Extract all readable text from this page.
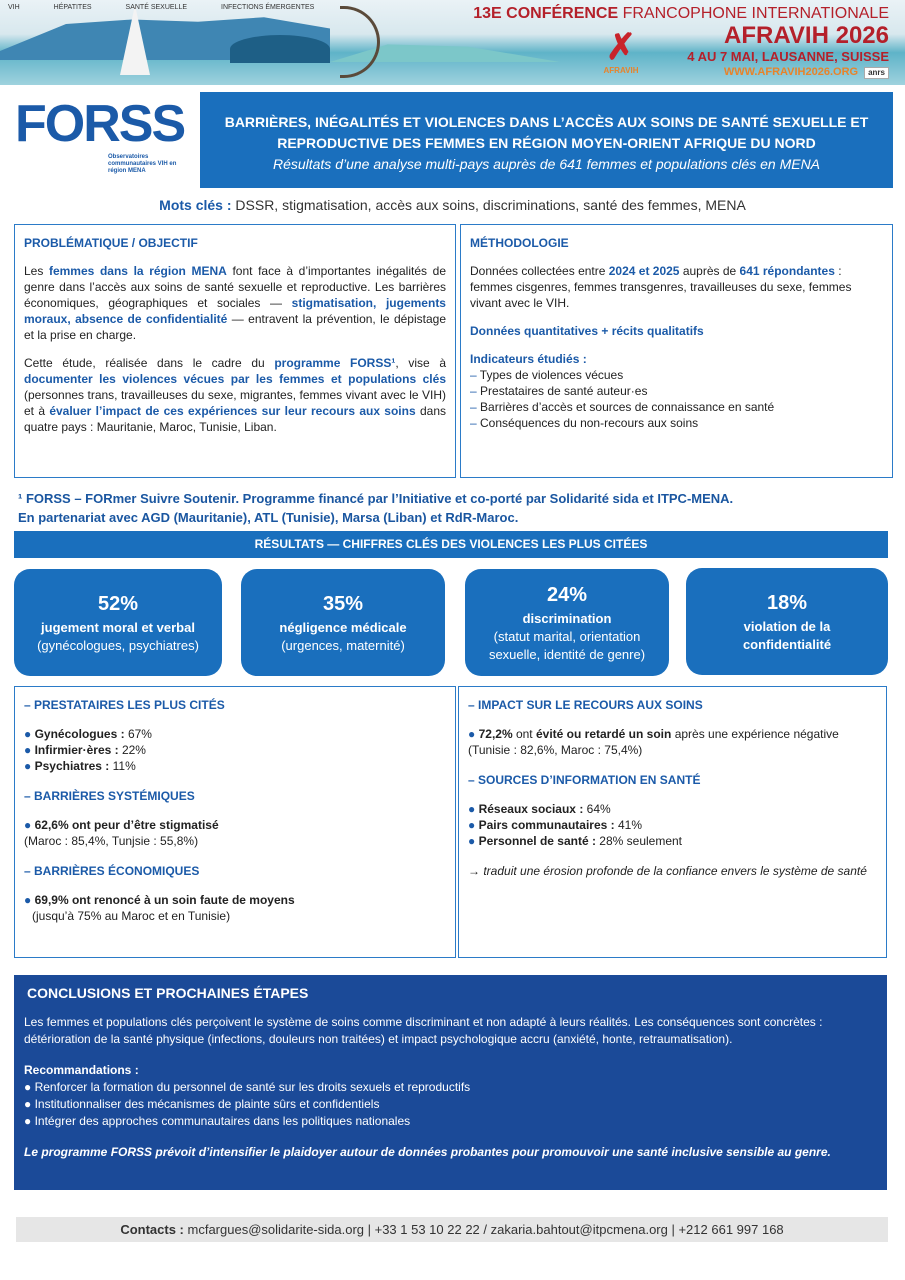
VIH	HÉPATITES	SANTÉ SEXUELLE	INFECTIONS ÉMERGENTES
✗
AFRAVIH
13E CONFÉRENCE FRANCOPHONE INTERNATIONALE
AFRAVIH 2026
4 AU 7 MAI, LAUSANNE, SUISSE
WWW.AFRAVIH2026.ORG anrs
FORSS
Observatoires communautaires VIH en région MENA
BARRIÈRES, INÉGALITÉS ET VIOLENCES DANS L’ACCÈS AUX SOINS DE SANTÉ SEXUELLE ET REPRODUCTIVE DES FEMMES EN RÉGION MOYEN-ORIENT AFRIQUE DU NORD
Résultats d’une analyse multi-pays auprès de 641 femmes et populations clés en MENA
Mots clés : DSSR, stigmatisation, accès aux soins, discriminations, santé des femmes, MENA
PROBLÉMATIQUE / OBJECTIF

Les femmes dans la région MENA font face à d’importantes inégalités de genre dans l’accès aux soins de santé sexuelle et reproductive. Les barrières économiques, géographiques et sociales — stigmatisation, jugements moraux, absence de confidentialité — entravent la prévention, le dépistage et la prise en charge.

Cette étude, réalisée dans le cadre du programme FORSS¹, vise à documenter les violences vécues par les femmes et populations clés (personnes trans, travailleuses du sexe, migrantes, femmes vivant avec le VIH) et à évaluer l’impact de ces expériences sur leur recours aux soins dans quatre pays : Mauritanie, Maroc, Tunisie, Liban.

MÉTHODOLOGIE

Données collectées entre 2024 et 2025 auprès de 641 répondantes : femmes cisgenres, femmes transgenres, travailleuses du sexe, femmes vivant avec le VIH.

Données quantitatives + récits qualitatifs

Indicateurs étudiés :
– Types de violences vécues
– Prestataires de santé auteur·es
– Barrières d’accès et sources de connaissance en santé
– Conséquences du non-recours aux soins
¹ FORSS – FORmer Suivre Soutenir. Programme financé par l’Initiative et co-porté par Solidarité sida et ITPC-MENA.
En partenariat avec AGD (Mauritanie), ATL (Tunisie), Marsa (Liban) et RdR-Maroc.
RÉSULTATS — CHIFFRES CLÉS DES VIOLENCES LES PLUS CITÉES
52%
jugement moral et verbal
(gynécologues, psychiatres)
35%
négligence médicale
(urgences, maternité)
24%
discrimination
(statut marital, orientation sexuelle, identité de genre)
18%
violation de la confidentialité
– PRESTATAIRES LES PLUS CITÉS
● Gynécologues : 67%
● Infirmier·ères : 22%
● Psychiatres : 11%
– BARRIÈRES SYSTÉMIQUES
● 62,6% ont peur d’être stigmatisé
(Maroc : 85,4%, Tunjsie : 55,8%)
– BARRIÈRES ÉCONOMIQUES
● 69,9% ont renoncé à un soin faute de moyens
(jusqu’à 75% au Maroc et en Tunisie)
– IMPACT SUR LE RECOURS AUX SOINS
● 72,2% ont évité ou retardé un soin après une expérience négative
(Tunisie : 82,6%, Maroc : 75,4%)
– SOURCES D’INFORMATION EN SANTÉ
● Réseaux sociaux : 64%
● Pairs communautaires : 41%
● Personnel de santé : 28% seulement
→ traduit une érosion profonde de la confiance envers le système de santé
CONCLUSIONS ET PROCHAINES ÉTAPES

Les femmes et populations clés perçoivent le système de soins comme discriminant et non adapté à leurs réalités. Les conséquences sont concrètes : détérioration de la santé physique (infections, douleurs non traitées) et impact psychologique accru (anxiété, honte, retraumatisation).

Recommandations :
● Renforcer la formation du personnel de santé sur les droits sexuels et reproductifs
● Institutionnaliser des mécanismes de plainte sûrs et confidentiels
● Intégrer des approches communautaires dans les politiques nationales
Le programme FORSS prévoit d’intensifier le plaidoyer autour de données probantes pour promouvoir une santé inclusive sensible au genre.
Contacts : mcfargues@solidarite-sida.org | +33 1 53 10 22 22 / zakaria.bahtout@itpcmena.org | +212 661 997 168
